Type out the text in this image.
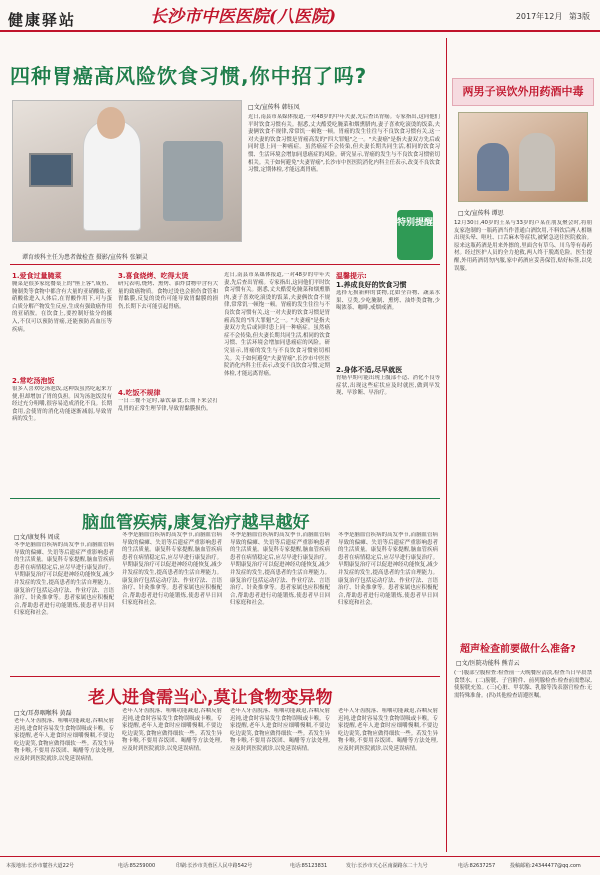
健康驿站	长沙市中医医院(八医院)	2017年12月 第3版
四种胃癌高风险饮食习惯,你中招了吗?
谭育竣科主任为患者做检查 摄影/宣传科 张颖灵
□文/宣传科 韩钰凤
近日,南县市某媒体报道,一对48岁的中年夫妻,先后查出胃癌。专家指出,这同他们平时饮食习惯有关。据悉,丈夫酷爱吃腌菜和烟熏腊肉,妻子喜欢吃滚烫的饭菜,夫妻俩饮食不规律,常常饥一顿饱一顿。胃癌的发生往往与不良饮食习惯有关,这一对夫妻的饮食习惯是胃癌高发的"四大罪魁"之一。"夫妻癌"是指夫妻双方先后或同时患上同一种癌症。虽然癌症不会传染,但夫妻长期共同生活,相同的饮食习惯、生活环境会增加同患癌症的风险。研究显示,胃癌的发生与不良饮食习惯密切相关。关于如何避免"夫妻胃癌",长沙市中医医院消化内科主任表示,改变不良饮食习惯,定期体检,才能远离胃癌。
特别提醒
1.爱食过量腌菜
腌菜是很多家庭餐桌上的"座上客",咸鱼、腌制类等食物中都含有大量的亚硝酸盐,亚硝酸盐进入人体后,在胃酸作用下,可与蛋白质分解产物发生反应,生成有强致癌作用的亚硝胺。在饮食上,要控制好盐分的摄入,不仅可以预防胃癌,还能预防高血压等疾病。
2.常吃汤泡饭
很多人喜欢吃汤泡饭,这种饭虽然吃起来方便,但却增加了胃的负担。因为汤泡饭没有经过充分咀嚼,很容易造成消化不良。长期食用,会使胃的消化功能逐渐减弱,导致胃病的发生。
3.喜食烧烤、吃得太烫
研究表明,烧烤、熏烤、油炸食物中含有大量的致癌物质。食物过烫也会损伤食管和胃黏膜,反复的烫伤可能导致胃黏膜的损伤,长期下去可能引起胃癌。
4.吃饭不规律
一日三餐不定时,暴饮暴食,长期下来会打乱胃的正常生理节律,导致胃黏膜损伤。
近日,南县市某媒体报道,一对48岁的中年夫妻,先后查出胃癌。专家指出,这同他们平时饮食习惯有关。据悉,丈夫酷爱吃腌菜和烟熏腊肉,妻子喜欢吃滚烫的饭菜,夫妻俩饮食不规律,常常饥一顿饱一顿。胃癌的发生往往与不良饮食习惯有关,这一对夫妻的饮食习惯是胃癌高发的"四大罪魁"之一。"夫妻癌"是指夫妻双方先后或同时患上同一种癌症。虽然癌症不会传染,但夫妻长期共同生活,相同的饮食习惯、生活环境会增加同患癌症的风险。研究显示,胃癌的发生与不良饮食习惯密切相关。关于如何避免"夫妻胃癌",长沙市中医医院消化内科主任表示,改变不良饮食习惯,定期体检,才能远离胃癌。
温馨提示:
1.养成良好的饮食习惯
选择无损新鲜的食物,比如全谷物、蔬菜水果、豆类,少吃腌制、熏烤、油炸类食物,少喝浓茶、咖啡,戒烟戒酒。
2.身体不适,尽早就医
胃癌早期可能出现上腹部不适、消化不良等症状,出现这些症状应及时就医,做到早发现、早诊断、早治疗。
脑血管疾病,康复治疗越早越好
□文/康复科 周成
冬季是脑血管疾病的高发季节,而脑血管病导致的偏瘫、失语等后遗症严重影响患者的生活质量。康复科专家提醒,脑血管疾病患者在病情稳定后,应尽早进行康复治疗。早期康复治疗可以促进神经功能恢复,减少并发症的发生,提高患者的生活自理能力。康复治疗包括运动疗法、作业疗法、言语治疗、针灸推拿等。患者家属也应积极配合,帮助患者进行功能锻炼,使患者早日回归家庭和社会。
冬季是脑血管疾病的高发季节,而脑血管病导致的偏瘫、失语等后遗症严重影响患者的生活质量。康复科专家提醒,脑血管疾病患者在病情稳定后,应尽早进行康复治疗。早期康复治疗可以促进神经功能恢复,减少并发症的发生,提高患者的生活自理能力。康复治疗包括运动疗法、作业疗法、言语治疗、针灸推拿等。患者家属也应积极配合,帮助患者进行功能锻炼,使患者早日回归家庭和社会。
冬季是脑血管疾病的高发季节,而脑血管病导致的偏瘫、失语等后遗症严重影响患者的生活质量。康复科专家提醒,脑血管疾病患者在病情稳定后,应尽早进行康复治疗。早期康复治疗可以促进神经功能恢复,减少并发症的发生,提高患者的生活自理能力。康复治疗包括运动疗法、作业疗法、言语治疗、针灸推拿等。患者家属也应积极配合,帮助患者进行功能锻炼,使患者早日回归家庭和社会。
冬季是脑血管疾病的高发季节,而脑血管病导致的偏瘫、失语等后遗症严重影响患者的生活质量。康复科专家提醒,脑血管疾病患者在病情稳定后,应尽早进行康复治疗。早期康复治疗可以促进神经功能恢复,减少并发症的发生,提高患者的生活自理能力。康复治疗包括运动疗法、作业疗法、言语治疗、针灸推拿等。患者家属也应积极配合,帮助患者进行功能锻炼,使患者早日回归家庭和社会。
老人进食需当心,莫让食物变异物
□文/耳鼻咽喉科 黄磊
老年人牙齿脱落、咀嚼功能减退,吞咽反射迟钝,进食时容易发生食物误吸或卡喉。专家提醒,老年人进食时应细嚼慢咽,不要边吃边说笑,食物应做得细软一些。若发生异物卡喉,不要用吞饭团、喝醋等方法处理,应及时到医院就诊,以免延误病情。
老年人牙齿脱落、咀嚼功能减退,吞咽反射迟钝,进食时容易发生食物误吸或卡喉。专家提醒,老年人进食时应细嚼慢咽,不要边吃边说笑,食物应做得细软一些。若发生异物卡喉,不要用吞饭团、喝醋等方法处理,应及时到医院就诊,以免延误病情。
老年人牙齿脱落、咀嚼功能减退,吞咽反射迟钝,进食时容易发生食物误吸或卡喉。专家提醒,老年人进食时应细嚼慢咽,不要边吃边说笑,食物应做得细软一些。若发生异物卡喉,不要用吞饭团、喝醋等方法处理,应及时到医院就诊,以免延误病情。
老年人牙齿脱落、咀嚼功能减退,吞咽反射迟钝,进食时容易发生食物误吸或卡喉。专家提醒,老年人进食时应细嚼慢咽,不要边吃边说笑,食物应做得细软一些。若发生异物卡喉,不要用吞饭团、喝醋等方法处理,应及时到医院就诊,以免延误病情。
两男子误饮外用药酒中毒
□文/宣传科 谭思
12月30日,40岁的王某与33岁的卢某在朋友聚会时,将朋友家泡制的一瓶药酒当作普通白酒饮用,不料饮后两人相继出现头晕、呕吐、口舌麻木等症状,被紧急送往医院救治。原来这瓶药酒是用来外擦的,里面含有草乌、川乌等有毒药材。经过医护人员的全力抢救,两人终于脱离危险。医生提醒,外用药酒切勿内服,家中药酒应妥善保管,贴好标签,以免误服。
超声检查前要做什么准备?
□文/医院功能科 熊青云
(一)腹部空腹检查:检查前一天晚餐应清淡,检查当日早晨禁食禁水。(二)膀胱、子宫附件、前列腺检查:检查前需憋尿,使膀胱充盈。(三)心脏、甲状腺、乳腺等浅表器官检查:无需特殊准备。(四)其他检查请遵医嘱。
本报地址:长沙市麓谷大道22号	电话:85259000	印刷:长沙市芙蓉区人民中路542号	电话:85123831	发行:长沙市天心区南湖路东二十九号	电话:82637257	投稿邮箱:24344477@qq.com
